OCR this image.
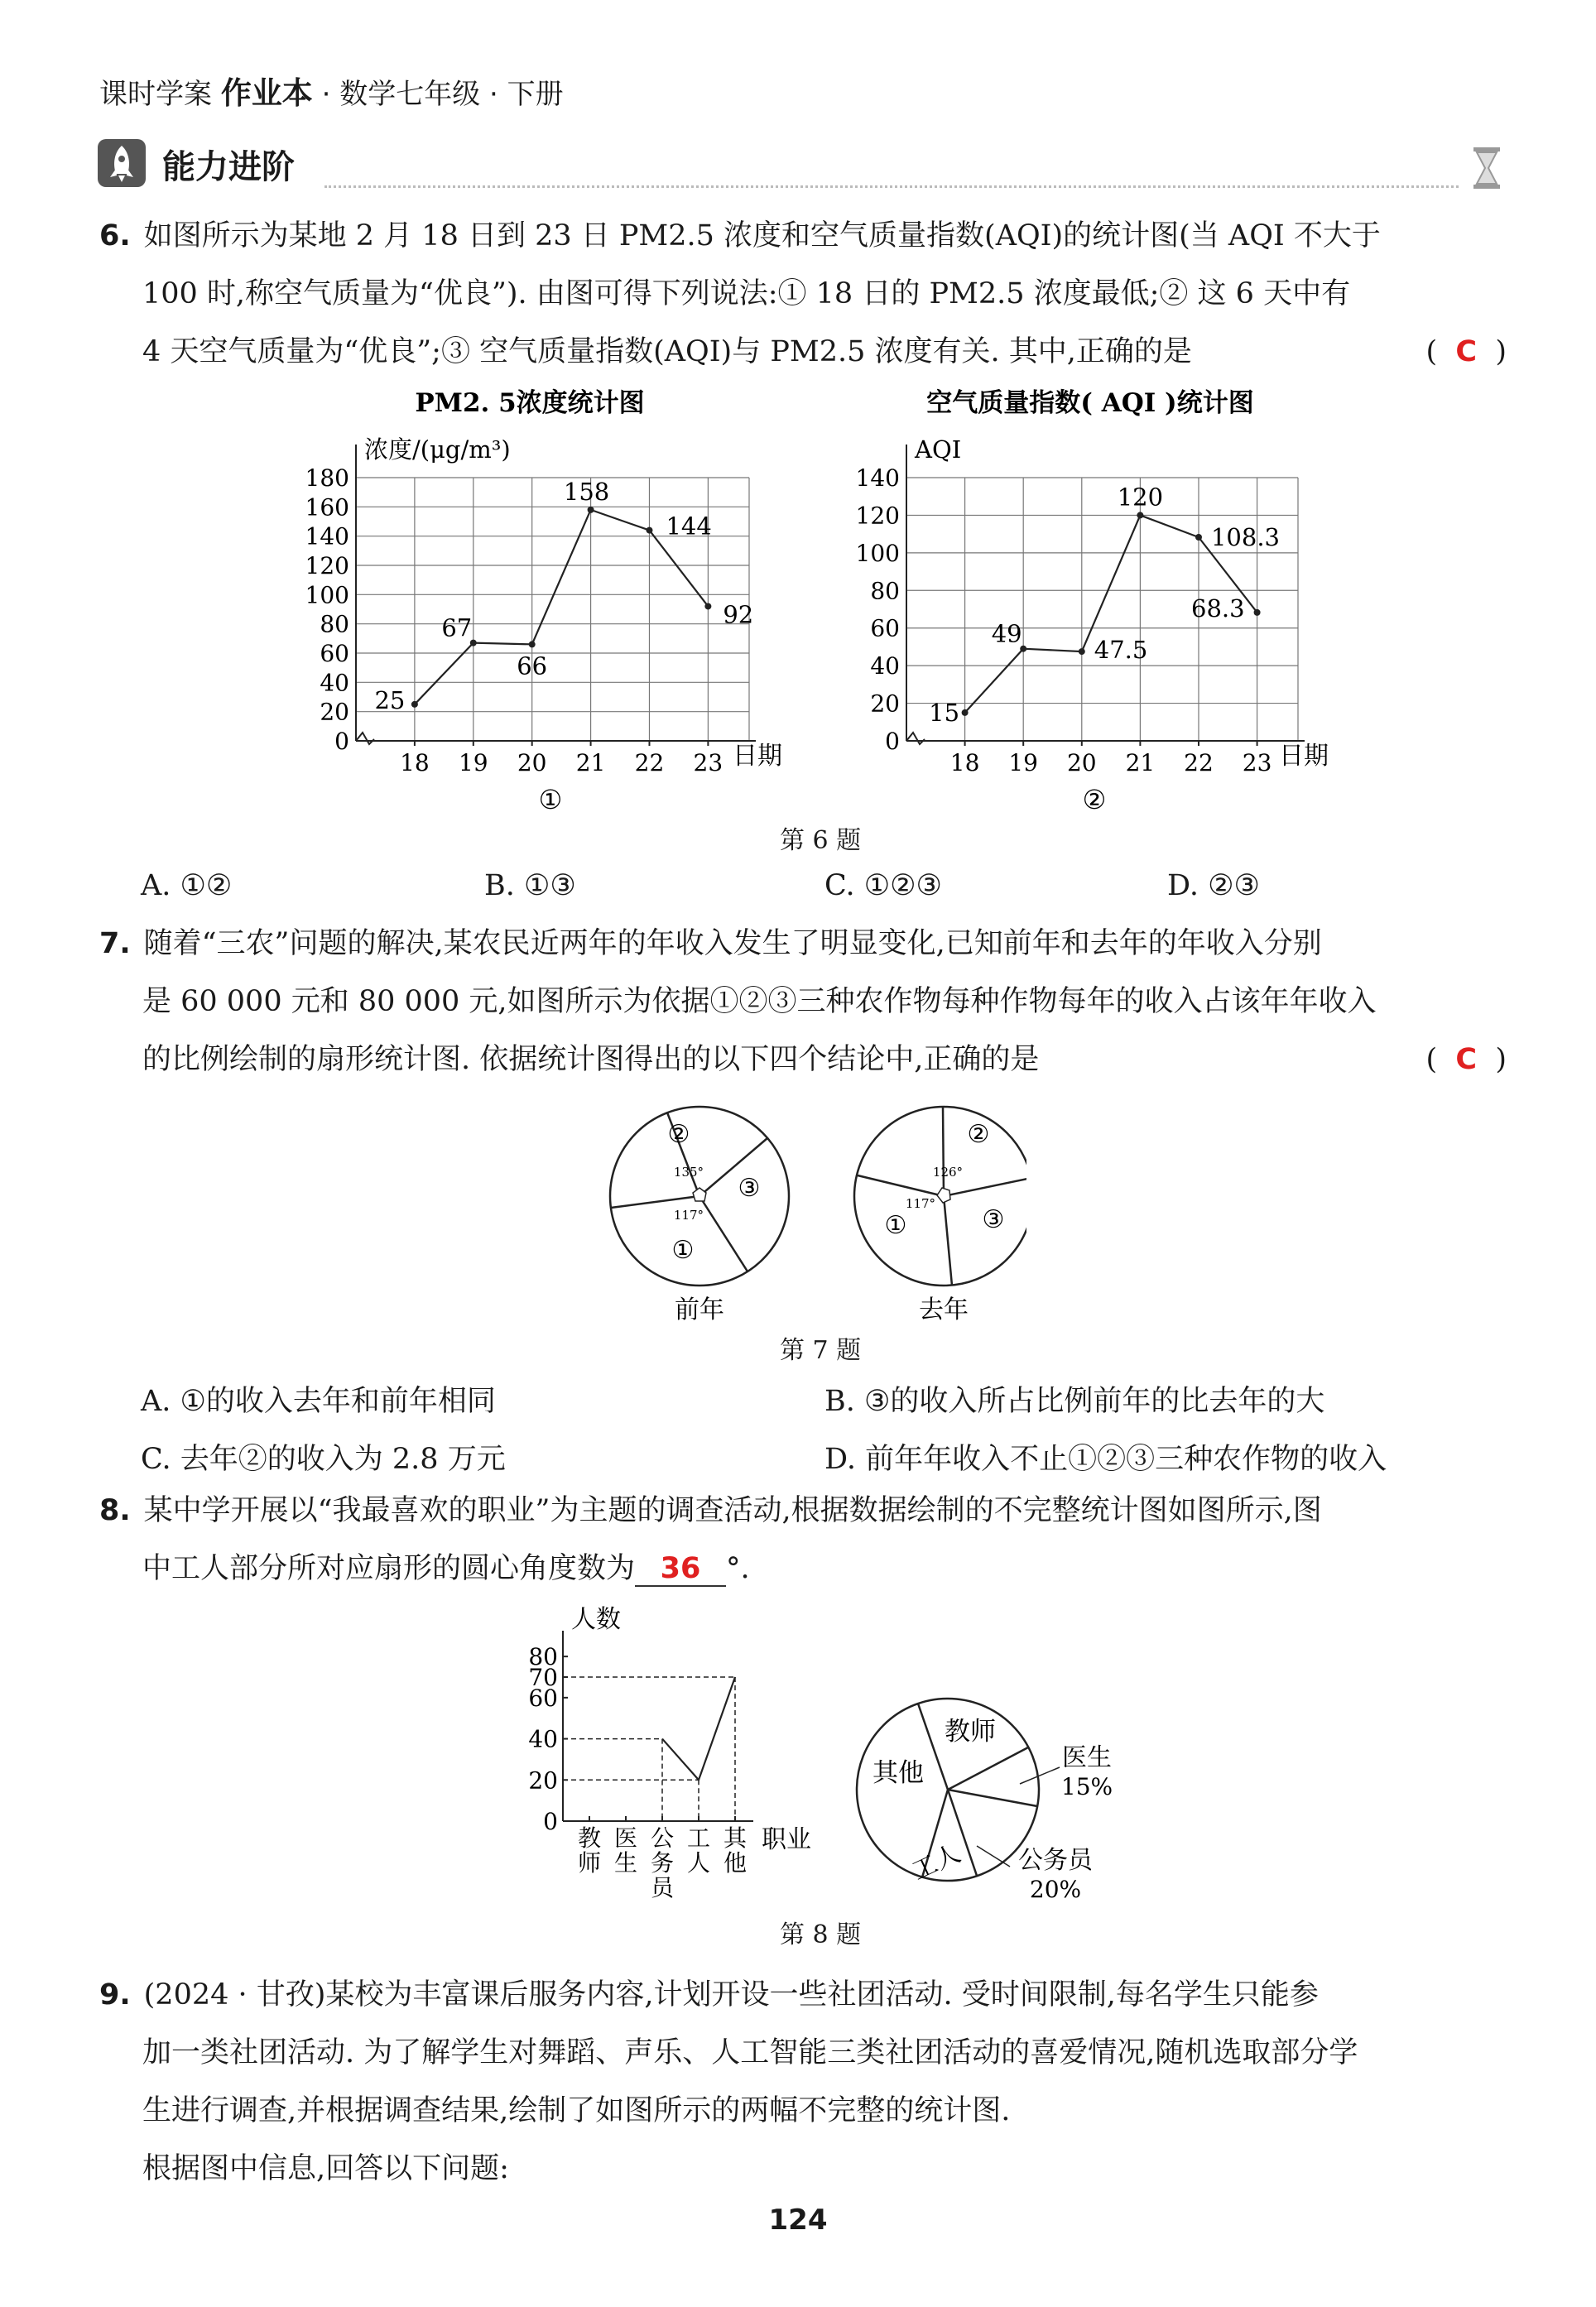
课时学案 作业本 · 数学七年级 · 下册
能力进阶
6. 如图所示为某地 2 月 18 日到 23 日 PM2.5 浓度和空气质量指数(AQI)的统计图(当 AQI 不大于
100 时,称空气质量为“优良”). 由图可得下列说法:① 18 日的 PM2.5 浓度最低;② 这 6 天中有
4 天空气质量为“优良”;③ 空气质量指数(AQI)与 PM2.5 浓度有关. 其中,正确的是	(  C  )
PM2. 5浓度统计图
浓度/(μg/m³)
日期
①
0
20
40
60
80
100
120
140
160
180
18 19 20 21 22 23
25
67
66
158
144
92
空气质量指数( AQI )统计图
AQI
日期
②
0
20
40
60
80
100
120
140
18 19 20 21 22 23
15
49
47.5
120
108.3
68.3
第 6 题
A. ①②	B. ①③	C. ①②③	D. ②③
7. 随着“三农”问题的解决,某农民近两年的年收入发生了明显变化,已知前年和去年的年收入分别
是 60 000 元和 80 000 元,如图所示为依据①②③三种农作物每种作物每年的收入占该年年收入
的比例绘制的扇形统计图. 依据统计图得出的以下四个结论中,正确的是	(  C  )
②
③
①
135°
117°
前年
②
③
①
126°
117°
去年
第 7 题
A. ①的收入去年和前年相同	B. ③的收入所占比例前年的比去年的大
C. 去年②的收入为 2.8 万元	D. 前年年收入不止①②③三种农作物的收入
8. 某中学开展以“我最喜欢的职业”为主题的调查活动,根据数据绘制的不完整统计图如图所示,图
中工人部分所对应扇形的圆心角度数为 36 °.
人数
职业
0
20
40
60
70
80
教师
医生
公务员
工人
其他
教师
其他
工人
医生
15%
公务员
20%
第 8 题
9. (2024 · 甘孜)某校为丰富课后服务内容,计划开设一些社团活动. 受时间限制,每名学生只能参
加一类社团活动. 为了解学生对舞蹈、声乐、人工智能三类社团活动的喜爱情况,随机选取部分学
生进行调查,并根据调查结果,绘制了如图所示的两幅不完整的统计图.
根据图中信息,回答以下问题:
124
